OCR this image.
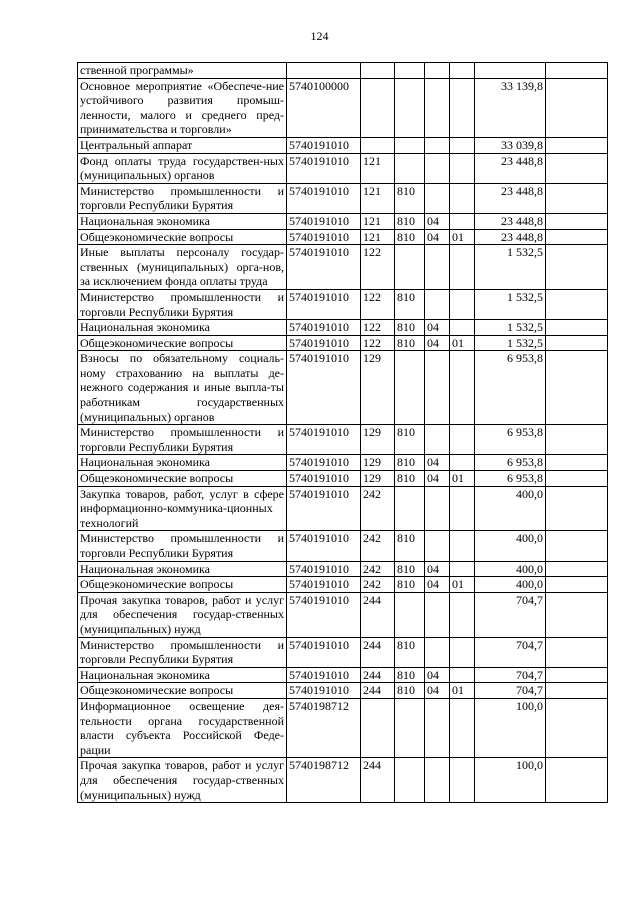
124
ственной программы»							
Основное мероприятие «Обеспече-ние устойчивого развития промыш-ленности, малого и среднего пред-принимательства и торговли»	5740100000					33 139,8	
Центральный аппарат	5740191010					33 039,8	
Фонд оплаты труда государствен-ных (муниципальных) органов	5740191010	121				23 448,8	
Министерство промышленности и торговли Республики Бурятия	5740191010	121	810			23 448,8	
Национальная экономика	5740191010	121	810	04		23 448,8	
Общеэкономические вопросы	5740191010	121	810	04	01	23 448,8	
Иные выплаты персоналу государ-ственных (муниципальных) орга-нов, за исключением фонда оплаты труда	5740191010	122				1 532,5	
Министерство промышленности и торговли Республики Бурятия	5740191010	122	810			1 532,5	
Национальная экономика	5740191010	122	810	04		1 532,5	
Общеэкономические вопросы	5740191010	122	810	04	01	1 532,5	
Взносы по обязательному социаль-ному страхованию на выплаты де-нежного содержания и иные выпла-ты работникам государственных (муниципальных) органов	5740191010	129				6 953,8	
Министерство промышленности и торговли Республики Бурятия	5740191010	129	810			6 953,8	
Национальная экономика	5740191010	129	810	04		6 953,8	
Общеэкономические вопросы	5740191010	129	810	04	01	6 953,8	
Закупка товаров, работ, услуг в сфере информационно-коммуника-ционных технологий	5740191010	242				400,0	
Министерство промышленности и торговли Республики Бурятия	5740191010	242	810			400,0	
Национальная экономика	5740191010	242	810	04		400,0	
Общеэкономические вопросы	5740191010	242	810	04	01	400,0	
Прочая закупка товаров, работ и услуг для обеспечения государ-ственных (муниципальных) нужд	5740191010	244				704,7	
Министерство промышленности и торговли Республики Бурятия	5740191010	244	810			704,7	
Национальная экономика	5740191010	244	810	04		704,7	
Общеэкономические вопросы	5740191010	244	810	04	01	704,7	
Информационное освещение дея-тельности органа государственной власти субъекта Российской Феде-рации	5740198712					100,0	
Прочая закупка товаров, работ и услуг для обеспечения государ-ственных (муниципальных) нужд	5740198712	244				100,0	
